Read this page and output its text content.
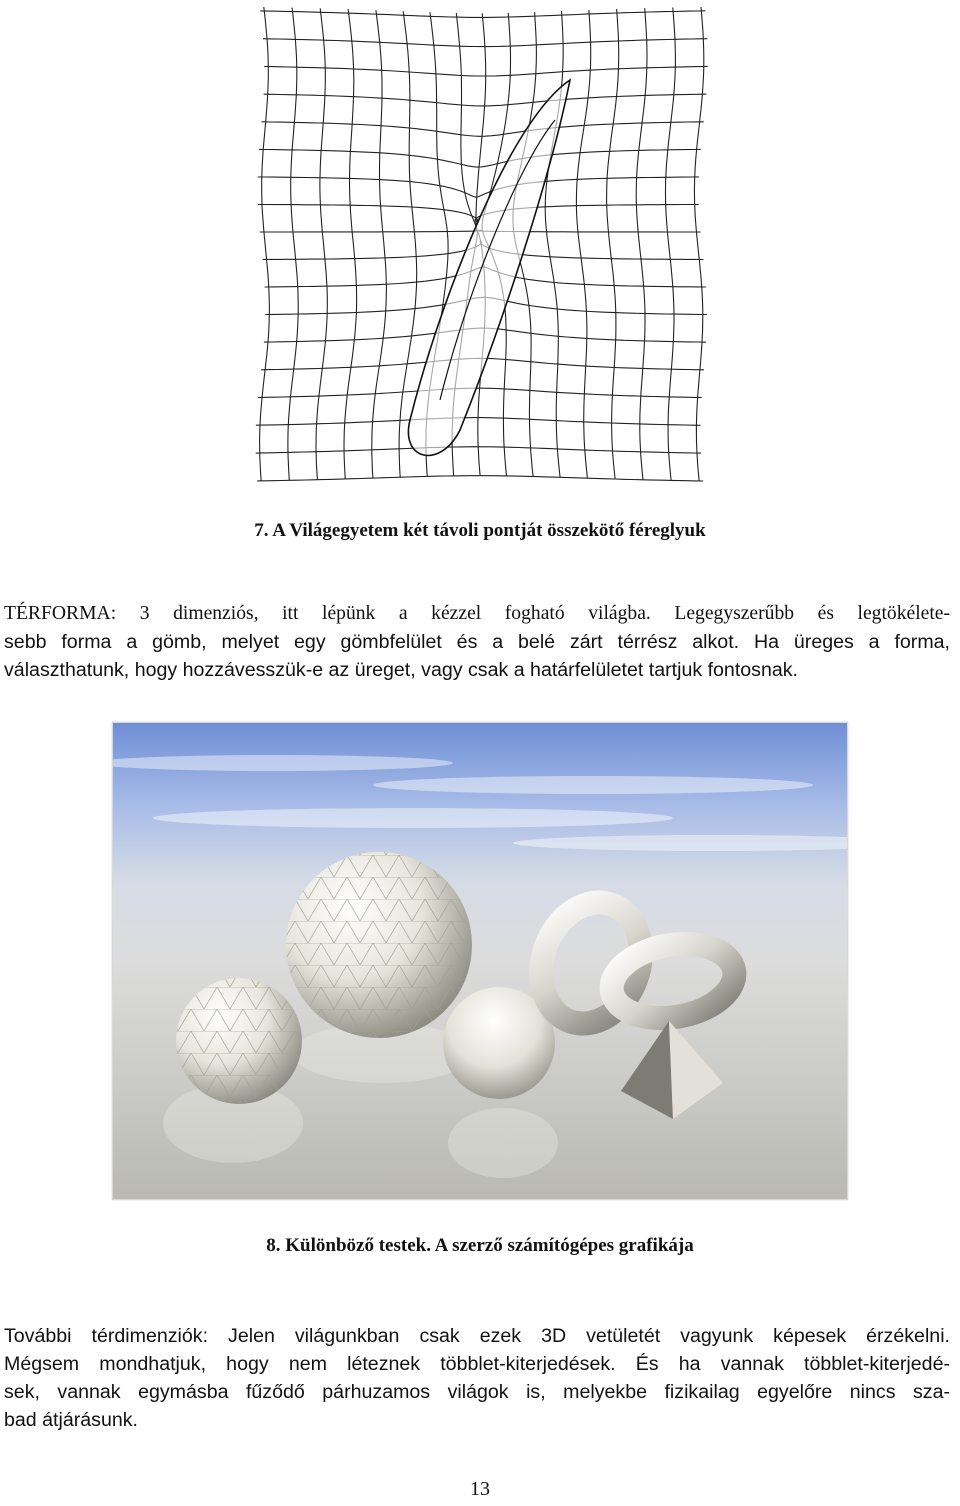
7. A Világegyetem két távoli pontját összekötő féreglyuk
TÉRFORMA: 3 dimenziós, itt lépünk a kézzel fogható világba. Legegyszerűbb és legtökélete-
sebb forma a gömb, melyet egy gömbfelület és a belé zárt térrész alkot. Ha üreges a forma,
választhatunk, hogy hozzávesszük-e az üreget, vagy csak a határfelületet tartjuk fontosnak.
8. Különböző testek. A szerző számítógépes grafikája
További térdimenziók: Jelen világunkban csak ezek 3D vetületét vagyunk képesek érzékelni.
Mégsem mondhatjuk, hogy nem léteznek többlet-kiterjedések. És ha vannak többlet-kiterjedé-
sek, vannak egymásba fűződő párhuzamos világok is, melyekbe fizikailag egyelőre nincs sza-
bad átjárásunk.
13
